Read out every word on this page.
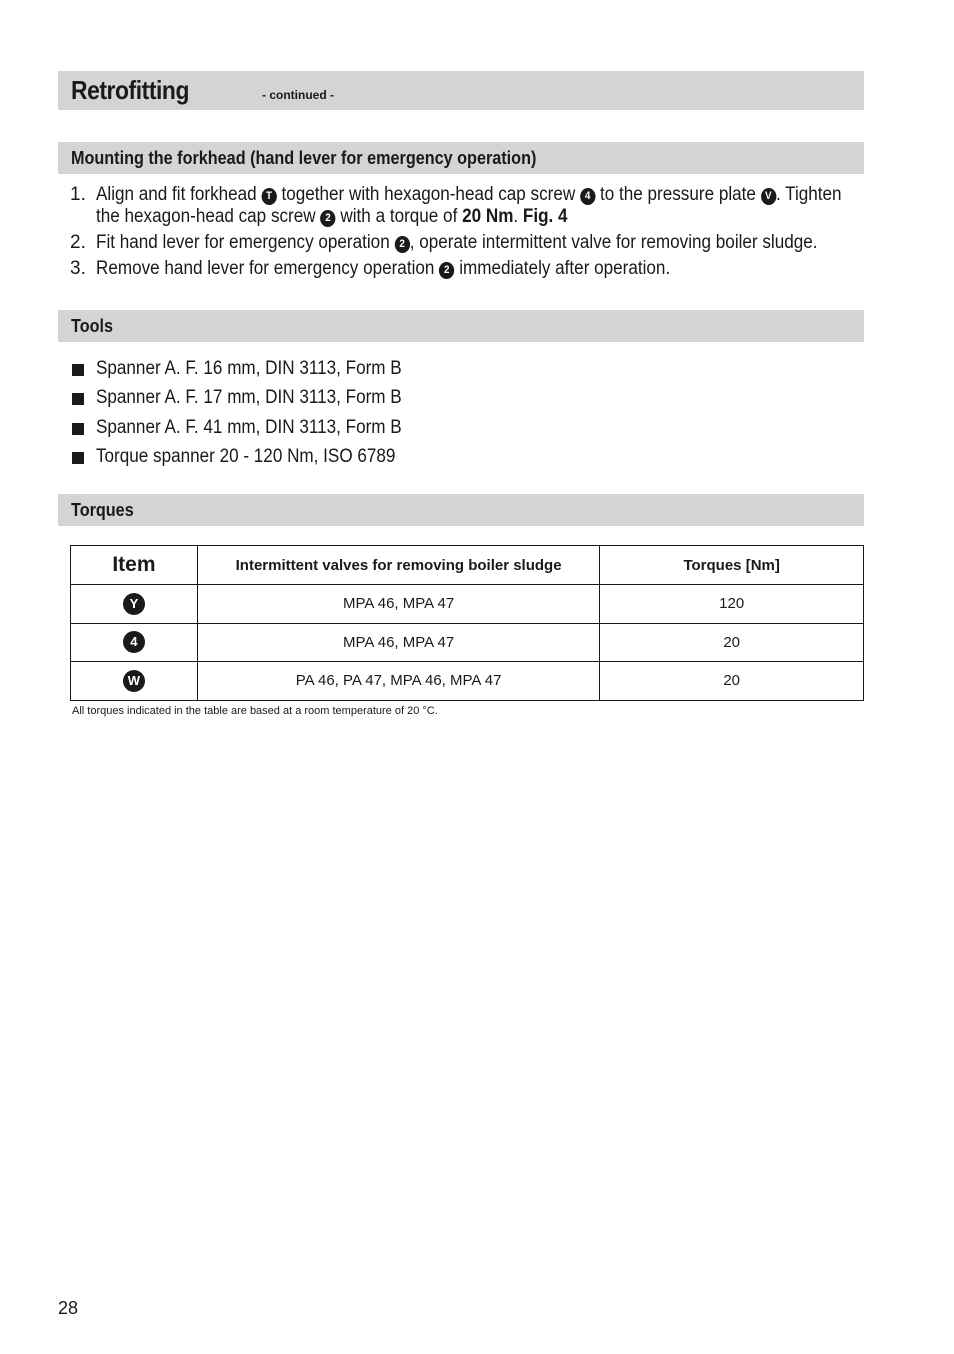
Retrofitting	- continued -
Mounting the forkhead (hand lever for emergency operation)
1. Align and fit forkhead T together with hexagon-head cap screw 4 to the pressure plate V . Tighten the hexagon-head cap screw 2 with a torque of 20 Nm. Fig. 4
2. Fit hand lever for emergency operation 2 , operate intermittent valve for removing boiler sludge.
3. Remove hand lever for emergency operation 2 immediately after operation.
Tools
Spanner A. F. 16 mm, DIN 3113, Form B
Spanner A. F. 17 mm, DIN 3113, Form B
Spanner A. F. 41 mm, DIN 3113, Form B
Torque spanner 20 - 120 Nm, ISO 6789
Torques
Item	Intermittent valves for removing boiler sludge	Torques [Nm]
Y	MPA 46, MPA 47	120
4	MPA 46, MPA 47	20
W	PA 46, PA 47, MPA 46, MPA 47	20
All torques indicated in the table are based at a room temperature of 20 °C.
28
